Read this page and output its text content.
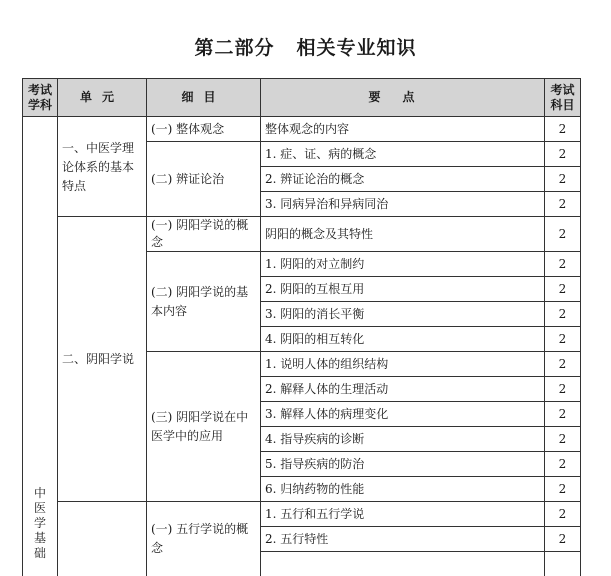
第二部分 相关专业知识
考试学科	单元	细目	要点	考试科目
中医学基础	一、中医学理论体系的基本特点	(一) 整体观念	整体观念的内容	2
		(二) 辨证论治	1. 症、证、病的概念	2
			2. 辨证论治的概念	2
			3. 同病异治和异病同治	2
	二、阴阳学说	(一) 阴阳学说的概念	阴阳的概念及其特性	2
		(二) 阴阳学说的基本内容	1. 阴阳的对立制约	2
			2. 阴阳的互根互用	2
			3. 阴阳的消长平衡	2
			4. 阴阳的相互转化	2
		(三) 阴阳学说在中医学中的应用	1. 说明人体的组织结构	2
			2. 解释人体的生理活动	2
			3. 解释人体的病理变化	2
			4. 指导疾病的诊断	2
			5. 指导疾病的防治	2
			6. 归纳药物的性能	2
		(一) 五行学说的概念	1. 五行和五行学说	2
			2. 五行特性	2
